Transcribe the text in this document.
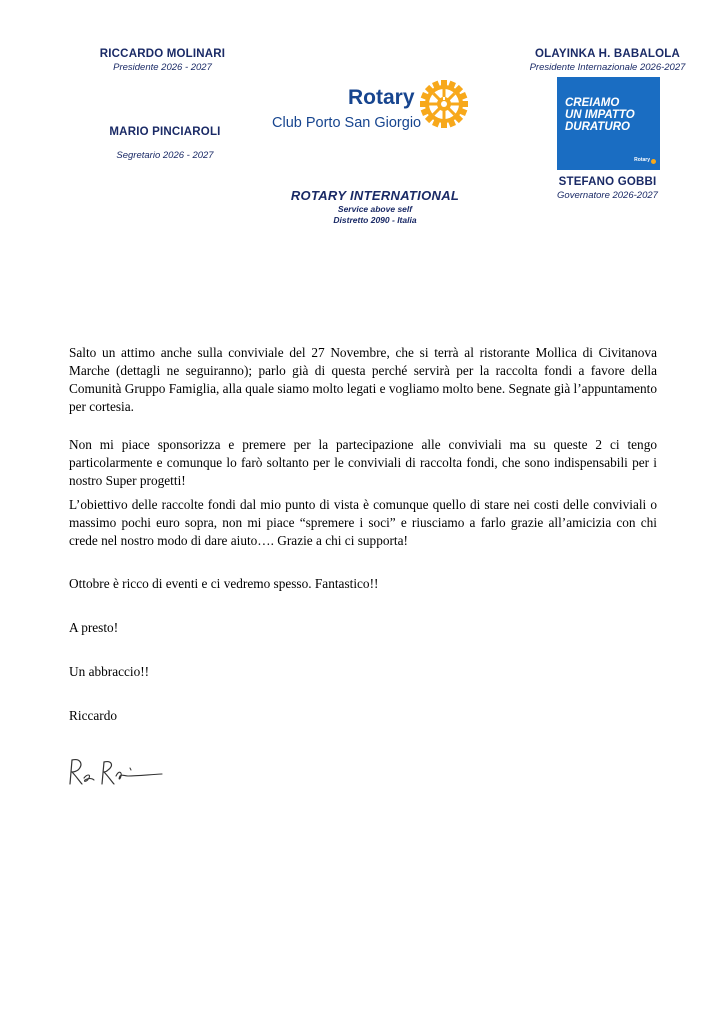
RICCARDO MOLINARI
Presidente 2026 - 2027
MARIO PINCIAROLI
Segretario 2026 - 2027
Rotary
Club Porto San Giorgio
OLAYINKA H. BABALOLA
Presidente Internazionale 2026-2027
CREIAMO
UN IMPATTO
DURATURO
Rotary
STEFANO GOBBI
Governatore 2026-2027
ROTARY INTERNATIONAL
Service above self
Distretto 2090 - Italia

Salto un attimo anche sulla conviviale del 27 Novembre, che si terrà al ristorante Mollica di Civitanova Marche (dettagli ne seguiranno); parlo già di questa perché servirà per la raccolta fondi a favore della Comunità Gruppo Famiglia, alla quale siamo molto legati e vogliamo molto bene. Segnate già l’appuntamento per cortesia.

Non mi piace sponsorizza e premere per la partecipazione alle conviviali ma su queste 2 ci tengo particolarmente e comunque lo farò soltanto per le conviviali di raccolta fondi, che sono indispensabili per i nostro Super progetti!

L’obiettivo delle raccolte fondi dal mio punto di vista è comunque quello di stare nei costi delle conviviali o massimo pochi euro sopra, non mi piace “spremere i soci” e riusciamo a farlo grazie all’amicizia con chi crede nel nostro modo di dare aiuto…. Grazie a chi ci supporta!

Ottobre è ricco di eventi e ci vedremo spesso. Fantastico!!

A presto!

Un abbraccio!!

Riccardo
